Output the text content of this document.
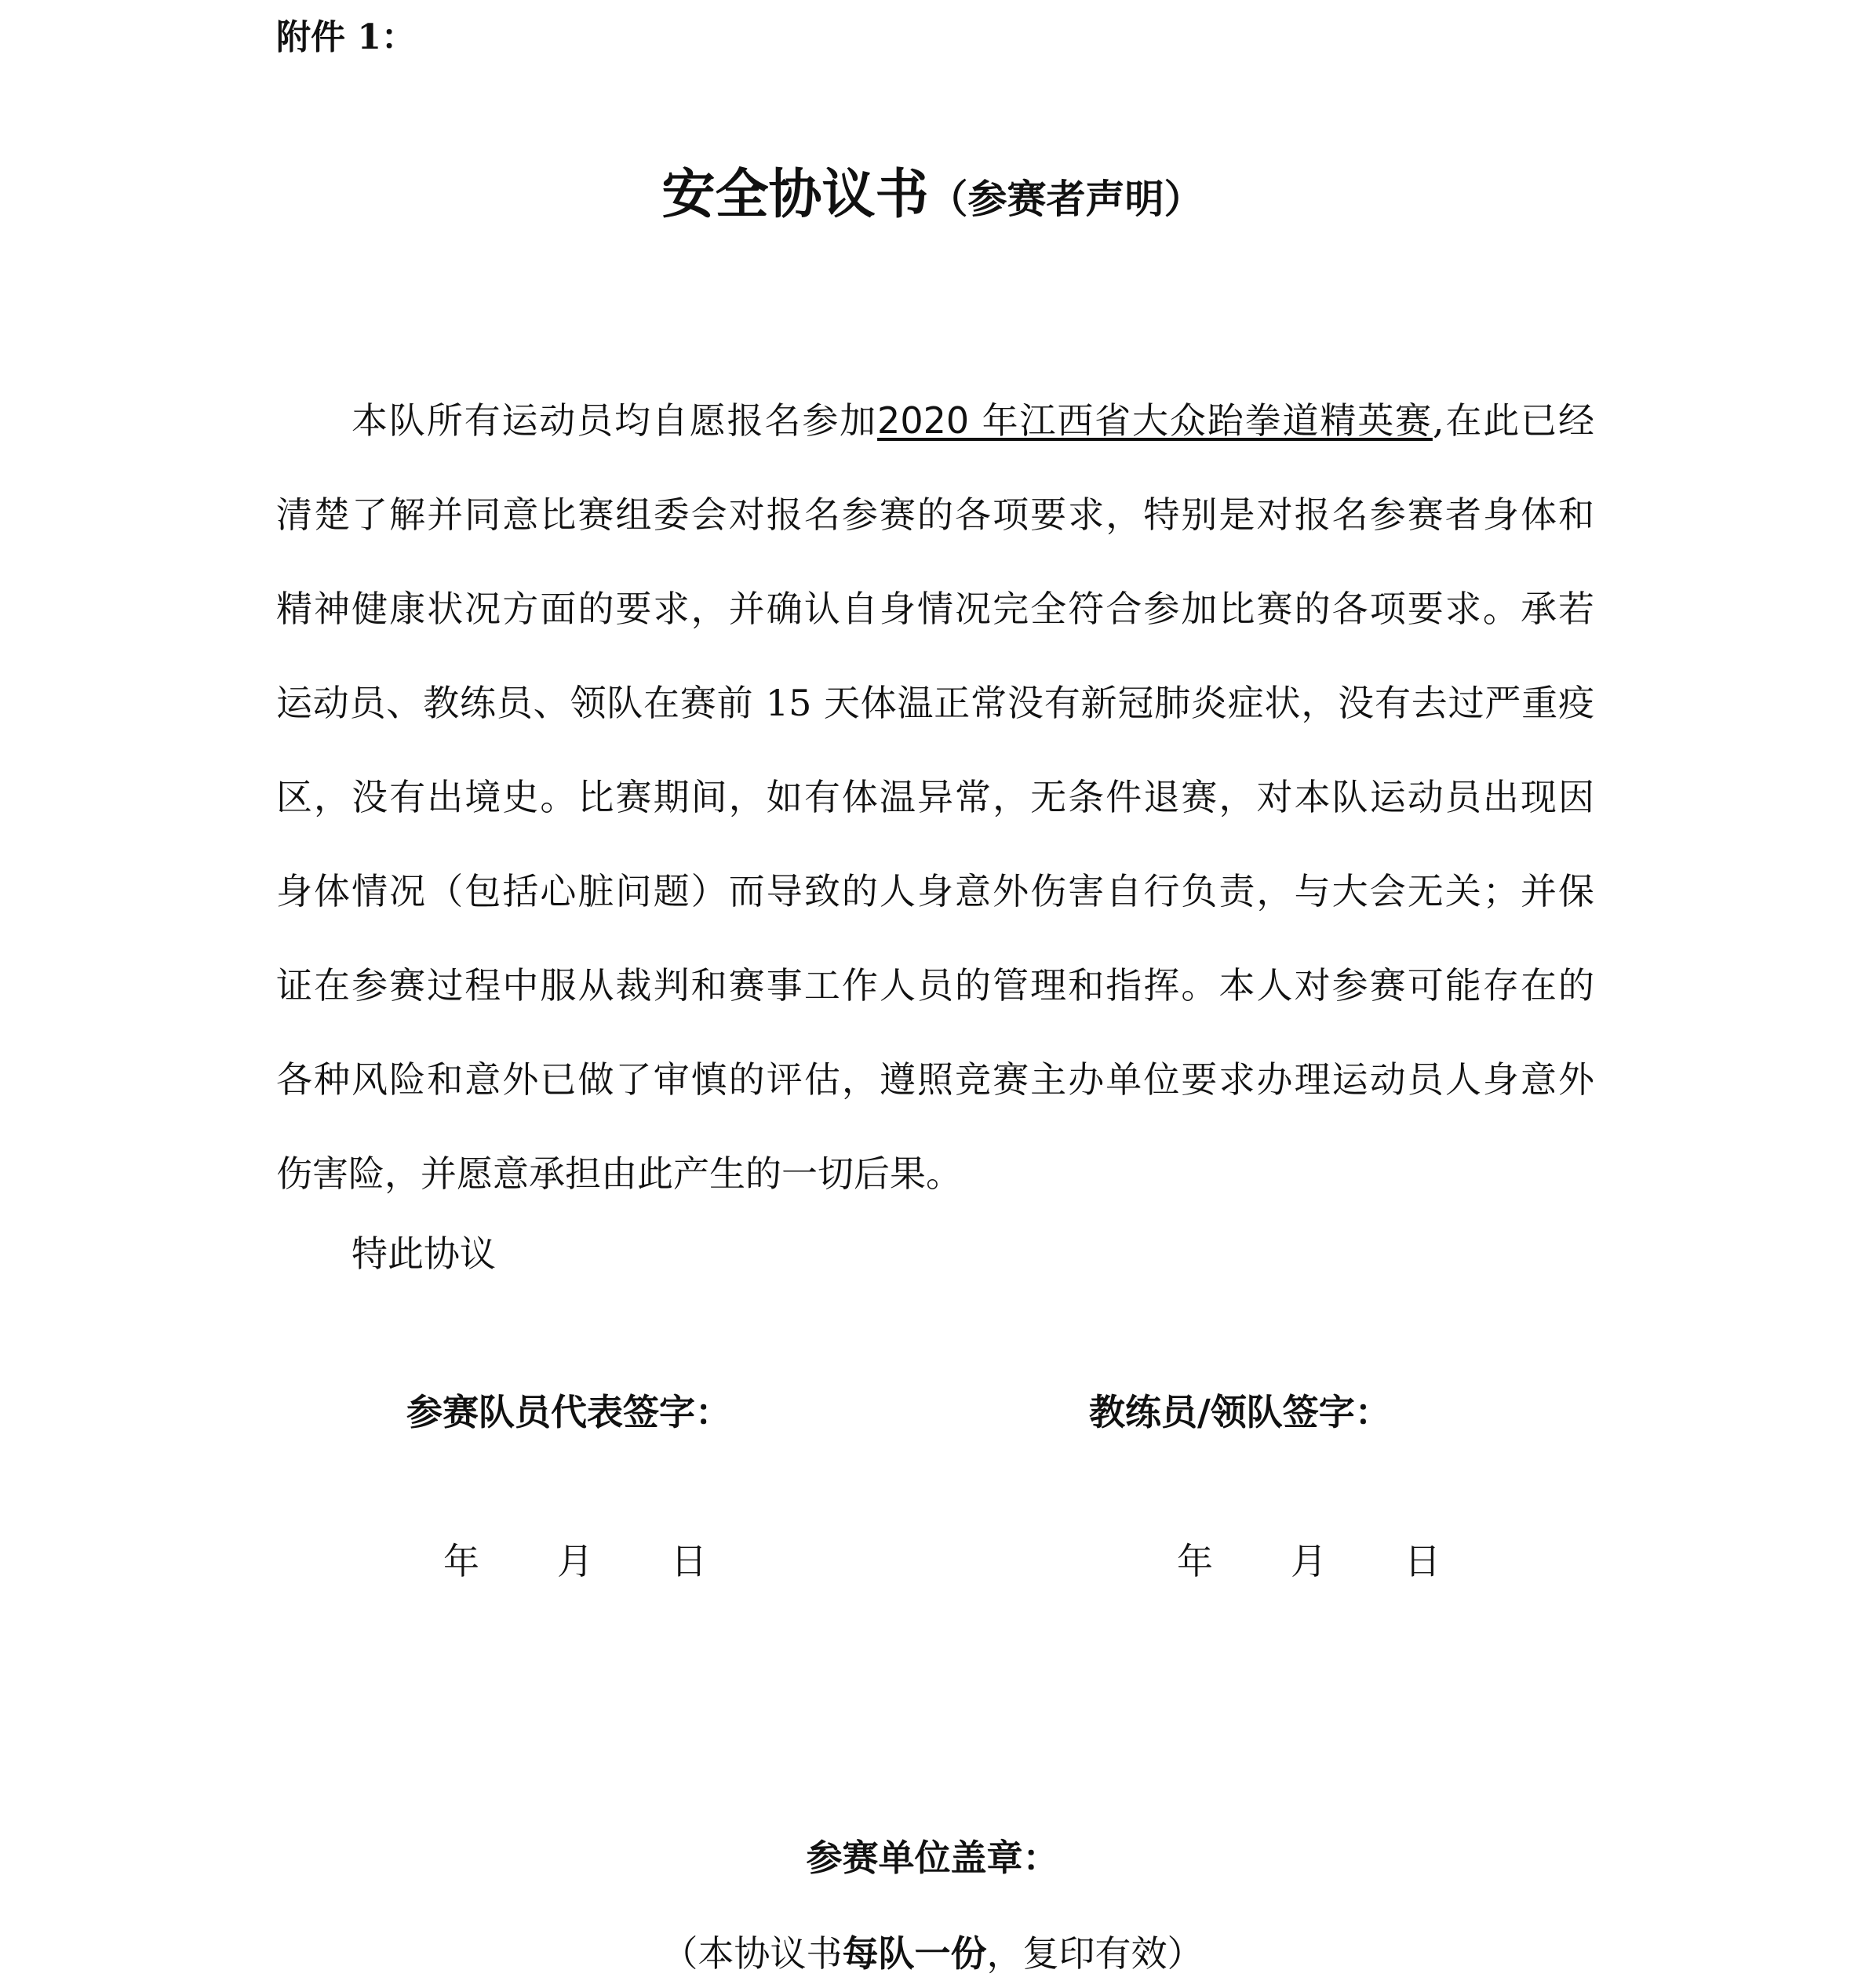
附件 1：
安全协议书（参赛者声明）
本队所有运动员均自愿报名参加2020 年江西省大众跆拳道精英赛,在此已经
清楚了解并同意比赛组委会对报名参赛的各项要求，特别是对报名参赛者身体和
精神健康状况方面的要求，并确认自身情况完全符合参加比赛的各项要求。承若
运动员、教练员、领队在赛前 15 天体温正常没有新冠肺炎症状，没有去过严重疫
区，没有出境史。比赛期间，如有体温异常，无条件退赛，对本队运动员出现因
身体情况（包括心脏问题）而导致的人身意外伤害自行负责，与大会无关；并保
证在参赛过程中服从裁判和赛事工作人员的管理和指挥。本人对参赛可能存在的
各种风险和意外已做了审慎的评估，遵照竞赛主办单位要求办理运动员人身意外
伤害险，并愿意承担由此产生的一切后果。
特此协议
参赛队员代表签字：	教练员/领队签字：
年 月 日	年 月 日
参赛单位盖章：
（本协议书每队一份，复印有效）
